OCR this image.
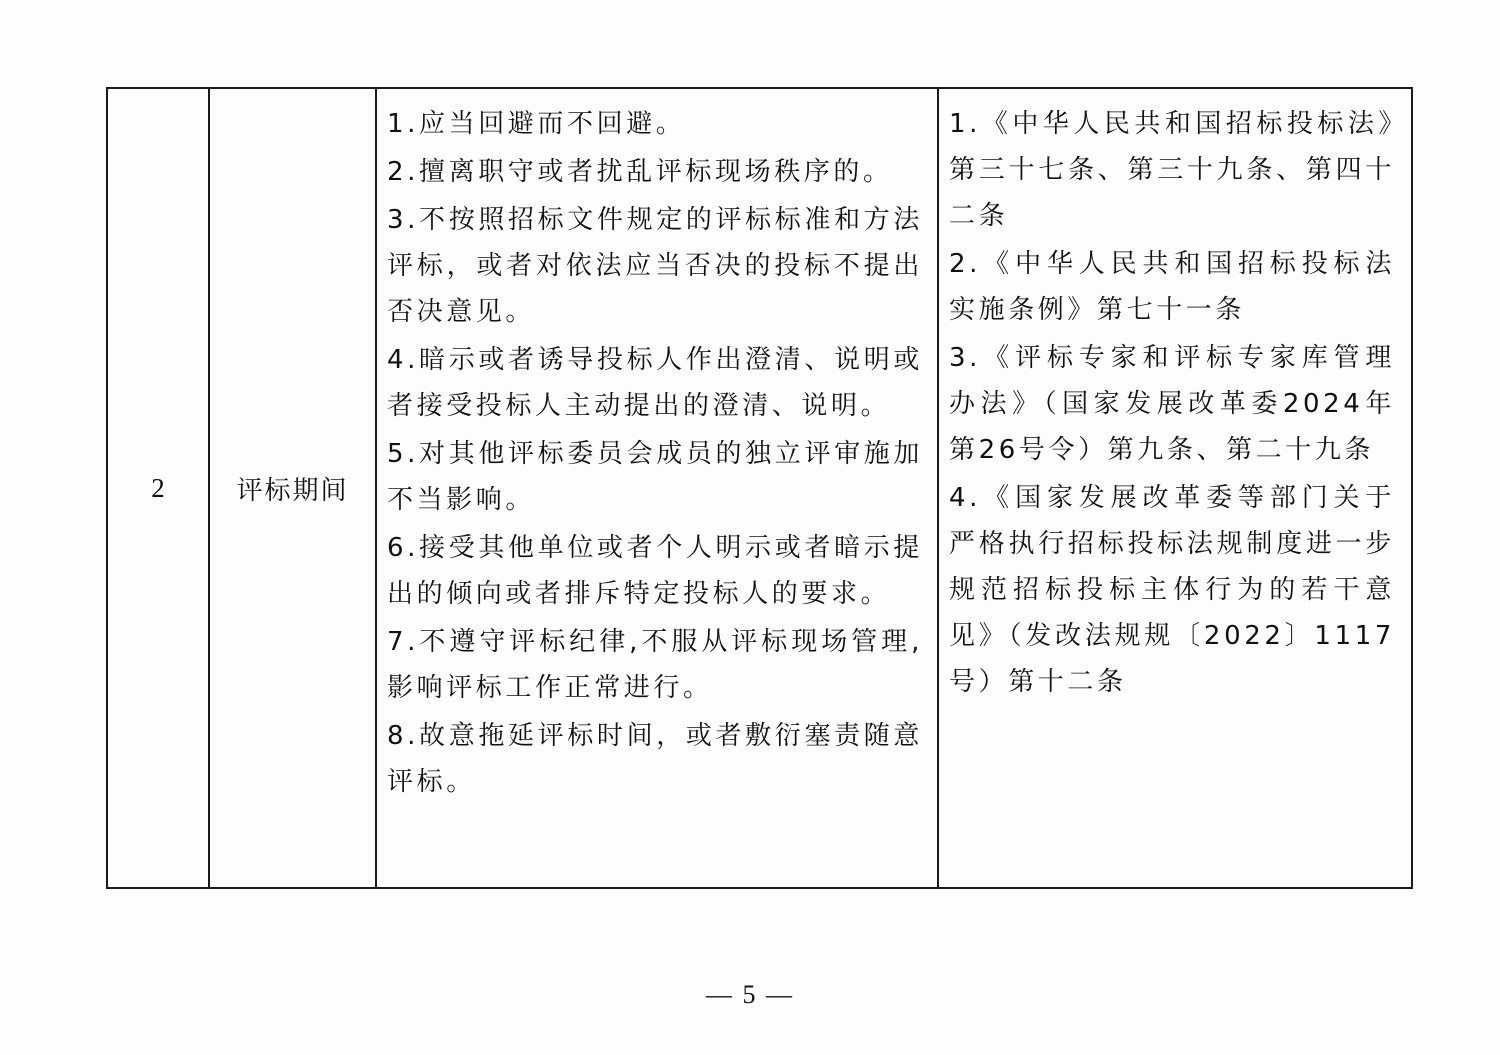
2	评标期间

1.应当回避而不回避。

2.擅离职守或者扰乱评标现场秩序的。

3.不按照招标文件规定的评标标准和方法评标，或者对依法应当否决的投标不提出否决意见。

4.暗示或者诱导投标人作出澄清、说明或者接受投标人主动提出的澄清、说明。

5.对其他评标委员会成员的独立评审施加不当影响。

6.接受其他单位或者个人明示或者暗示提出的倾向或者排斥特定投标人的要求。

7.不遵守评标纪律,不服从评标现场管理,影响评标工作正常进行。

8.故意拖延评标时间，或者敷衍塞责随意评标。

1.《中华人民共和国招标投标法》第三十七条、第三十九条、第四十二条

2.《中华人民共和国招标投标法实施条例》第七十一条

3.《评标专家和评标专家库管理办法》（国家发展改革委2024年第26号令）第九条、第二十九条

4.《国家发展改革委等部门关于严格执行招标投标法规制度进一步规范招标投标主体行为的若干意见》（发改法规规〔2022〕1117号）第十二条

— 5 —
